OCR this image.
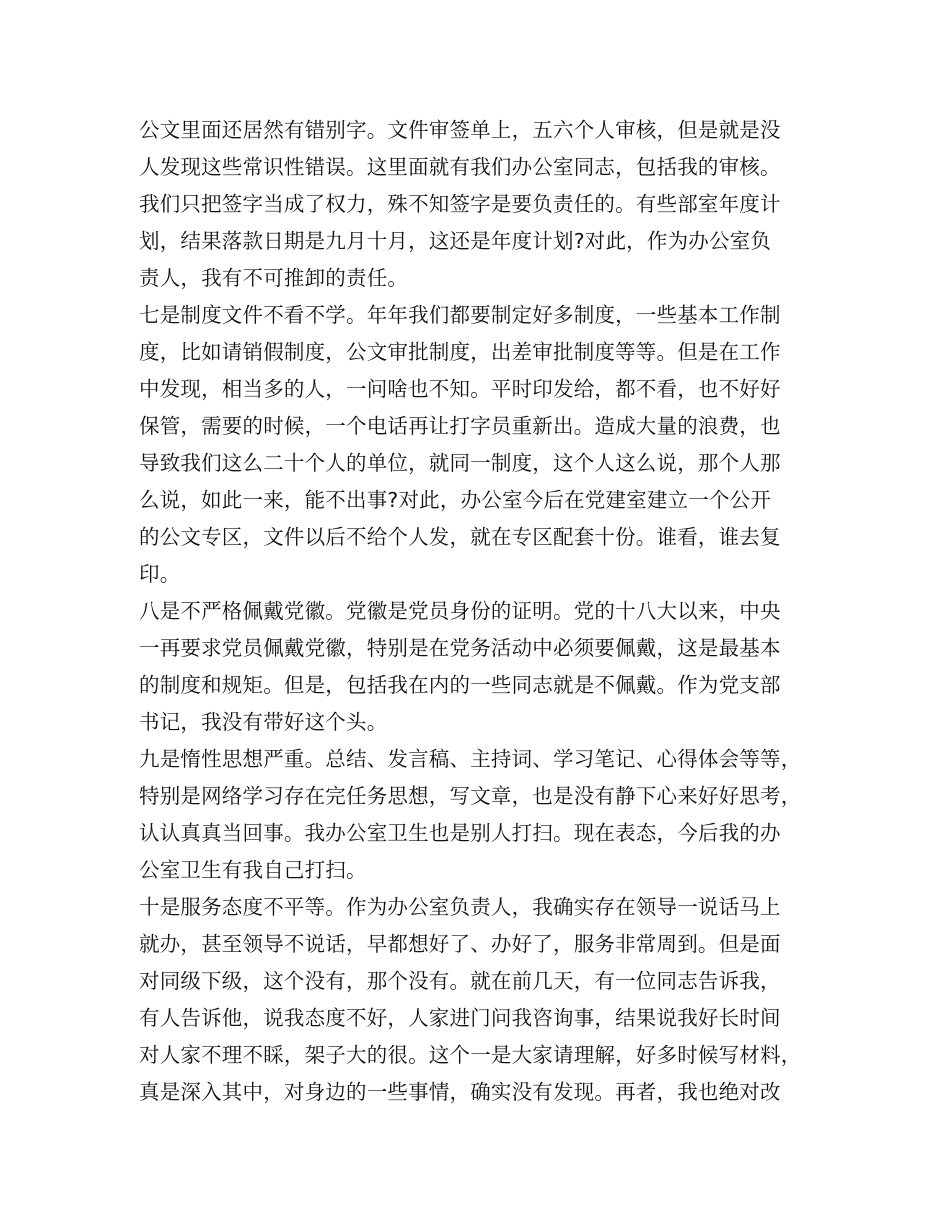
公文里面还居然有错别字。文件审签单上，五六个人审核，但是就是没
人发现这些常识性错误。这里面就有我们办公室同志，包括我的审核。
我们只把签字当成了权力，殊不知签字是要负责任的。有些部室年度计
划，结果落款日期是九月十月，这还是年度计划?对此，作为办公室负
责人，我有不可推卸的责任。
七是制度文件不看不学。年年我们都要制定好多制度，一些基本工作制
度，比如请销假制度，公文审批制度，出差审批制度等等。但是在工作
中发现，相当多的人，一问啥也不知。平时印发给，都不看，也不好好
保管，需要的时候，一个电话再让打字员重新出。造成大量的浪费，也
导致我们这么二十个人的单位，就同一制度，这个人这么说，那个人那
么说，如此一来，能不出事?对此，办公室今后在党建室建立一个公开
的公文专区，文件以后不给个人发，就在专区配套十份。谁看，谁去复
印。
八是不严格佩戴党徽。党徽是党员身份的证明。党的十八大以来，中央
一再要求党员佩戴党徽，特别是在党务活动中必须要佩戴，这是最基本
的制度和规矩。但是，包括我在内的一些同志就是不佩戴。作为党支部
书记，我没有带好这个头。
九是惰性思想严重。总结、发言稿、主持词、学习笔记、心得体会等等，
特别是网络学习存在完任务思想，写文章，也是没有静下心来好好思考，
认认真真当回事。我办公室卫生也是别人打扫。现在表态，今后我的办
公室卫生有我自己打扫。
十是服务态度不平等。作为办公室负责人，我确实存在领导一说话马上
就办，甚至领导不说话，早都想好了、办好了，服务非常周到。但是面
对同级下级，这个没有，那个没有。就在前几天，有一位同志告诉我，
有人告诉他，说我态度不好，人家进门问我咨询事，结果说我好长时间
对人家不理不睬，架子大的很。这个一是大家请理解，好多时候写材料，
真是深入其中，对身边的一些事情，确实没有发现。再者，我也绝对改
